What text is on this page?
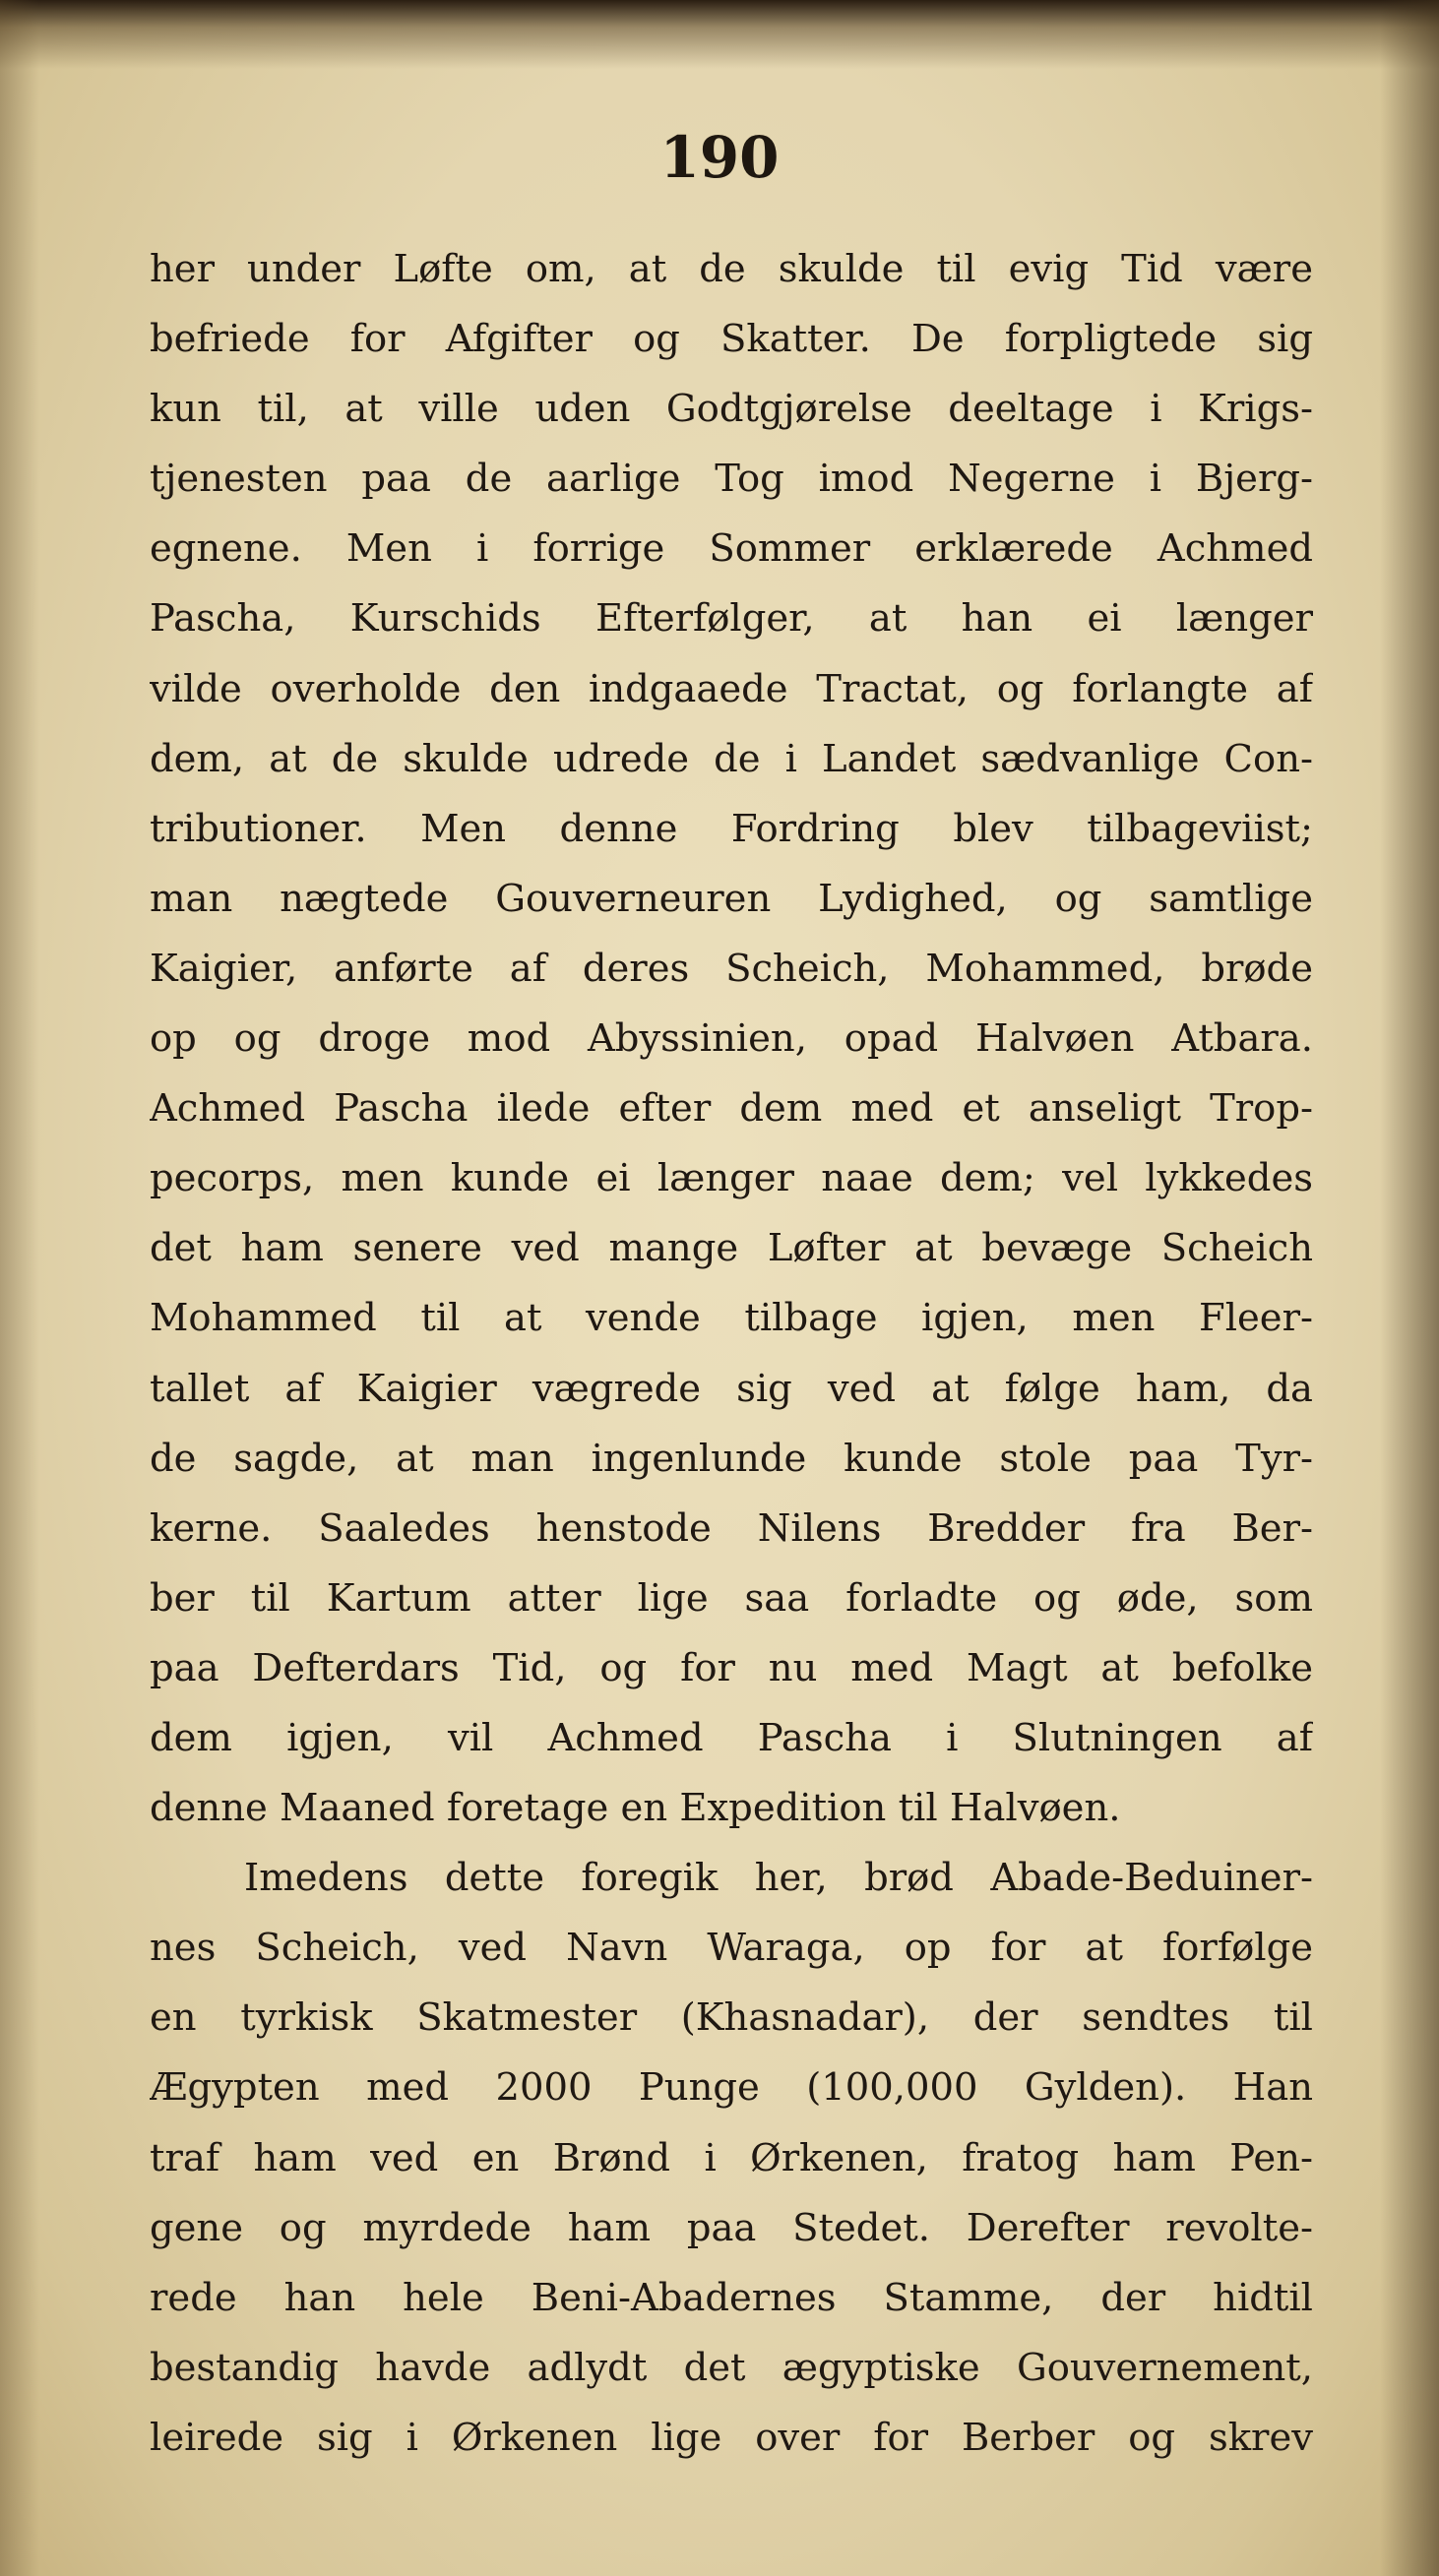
190
her under Løfte om, at de skulde til evig Tid være
befriede for Afgifter og Skatter. De forpligtede sig
kun til, at ville uden Godtgjørelse deeltage i Krigs-
tjenesten paa de aarlige Tog imod Negerne i Bjerg-
egnene. Men i forrige Sommer erklærede Achmed
Pascha, Kurschids Efterfølger, at han ei længer
vilde overholde den indgaaede Tractat, og forlangte af
dem, at de skulde udrede de i Landet sædvanlige Con-
tributioner. Men denne Fordring blev tilbageviist;
man nægtede Gouverneuren Lydighed, og samtlige
Kaigier, anførte af deres Scheich, Mohammed, brøde
op og droge mod Abyssinien, opad Halvøen Atbara.
Achmed Pascha ilede efter dem med et anseligt Trop-
pecorps, men kunde ei længer naae dem; vel lykkedes
det ham senere ved mange Løfter at bevæge Scheich
Mohammed til at vende tilbage igjen, men Fleer-
tallet af Kaigier vægrede sig ved at følge ham, da
de sagde, at man ingenlunde kunde stole paa Tyr-
kerne. Saaledes henstode Nilens Bredder fra Ber-
ber til Kartum atter lige saa forladte og øde, som
paa Defterdars Tid, og for nu med Magt at befolke
dem igjen, vil Achmed Pascha i Slutningen af
denne Maaned foretage en Expedition til Halvøen.
Imedens dette foregik her, brød Abade-Beduiner-
nes Scheich, ved Navn Waraga, op for at forfølge
en tyrkisk Skatmester (Khasnadar), der sendtes til
Ægypten med 2000 Punge (100,000 Gylden). Han
traf ham ved en Brønd i Ørkenen, fratog ham Pen-
gene og myrdede ham paa Stedet. Derefter revolte-
rede han hele Beni-Abadernes Stamme, der hidtil
bestandig havde adlydt det ægyptiske Gouvernement,
leirede sig i Ørkenen lige over for Berber og skrev
